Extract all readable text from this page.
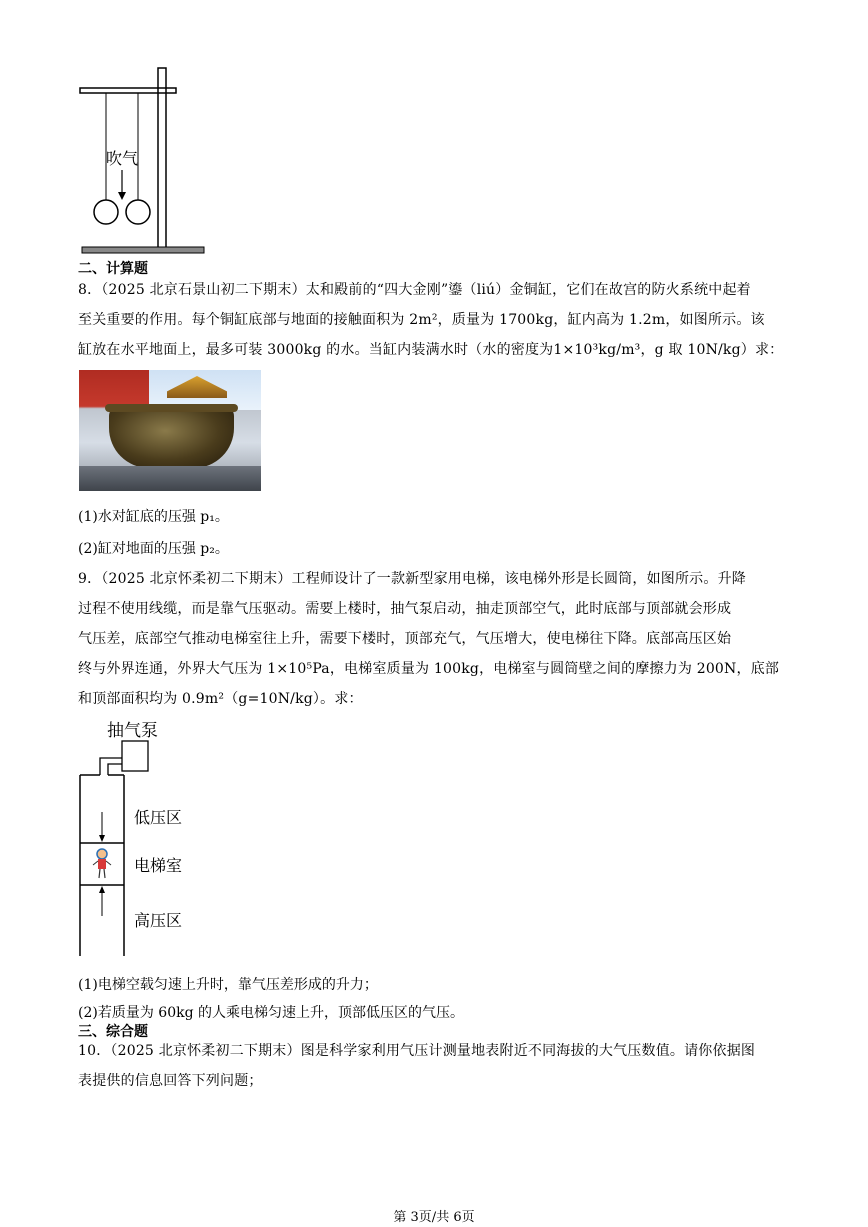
吹气
二、计算题
8．（2025 北京石景山初二下期末）太和殿前的“四大金刚”鎏（liú）金铜缸，它们在故宫的防火系统中起着
至关重要的作用。每个铜缸底部与地面的接触面积为 2m²，质量为 1700kg，缸内高为 1.2m，如图所示。该
缸放在水平地面上，最多可装 3000kg 的水。当缸内装满水时（水的密度为1×10³kg/m³，g 取 10N/kg）求：
(1)水对缸底的压强 p₁。
(2)缸对地面的压强 p₂。
9．（2025 北京怀柔初二下期末）工程师设计了一款新型家用电梯，该电梯外形是长圆筒，如图所示。升降
过程不使用线缆，而是靠气压驱动。需要上楼时，抽气泵启动，抽走顶部空气，此时底部与顶部就会形成
气压差，底部空气推动电梯室往上升，需要下楼时，顶部充气，气压增大，使电梯往下降。底部高压区始
终与外界连通，外界大气压为 1×10⁵Pa，电梯室质量为 100kg，电梯室与圆筒壁之间的摩擦力为 200N，底部
和顶部面积均为 0.9m²（g=10N/kg）。求：
抽气泵
低压区
电梯室
高压区
(1)电梯空载匀速上升时，靠气压差形成的升力；
(2)若质量为 60kg 的人乘电梯匀速上升，顶部低压区的气压。
三、综合题
10．（2025 北京怀柔初二下期末）图是科学家利用气压计测量地表附近不同海拔的大气压数值。请你依据图
表提供的信息回答下列问题；
第 3页/共 6页
